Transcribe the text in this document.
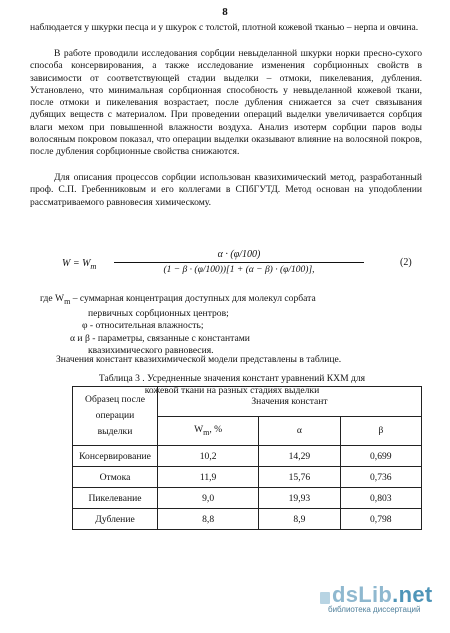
8

наблюдается у шкурки песца и у шкурок с толстой, плотной кожевой тканью – нерпа и овчина.

В работе проводили исследования сорбции невыделанной шкурки норки пресно-сухого способа консервирования, а также исследование изменения сорбционных свойств в зависимости от соответствующей стадии выделки – отмоки, пикелевания, дубления. Установлено, что минимальная сорбционная способность у невыделанной кожевой ткани, после отмоки и пикелевания возрастает, после дубления снижается за счет связывания дубящих веществ с материалом. При проведении операций выделки увеличивается сорбция влаги мехом при повышенной влажности воздуха. Анализ изотерм сорбции паров воды волосяным покровом показал, что операции выделки оказывают влияние на волосяной покров, после дубления сорбционные свойства снижаются.

Для описания процессов сорбции использован квазихимический метод, разработанный проф. С.П. Гребенниковым и его коллегами в СПбГУТД. Метод основан на уподоблении рассматриваемого равновесия химическому.

$W = W_m \frac{\alpha \cdot (\varphi/100)}{(1 - \beta \cdot (\varphi/100))[1 + (\alpha - \beta) \cdot (\varphi/100)],}$	(2)
где $W_m$ – суммарная концентрация доступных для молекул сорбата
первичных сорбционных центров;
φ - относительная влажность;
α и β - параметры, связанные с константами
квазихимического равновесия.
Значения констант квазихимической модели представлены в таблице.
Таблица 3 . Усредненные значения констант уравнений КХМ для
кожевой ткани на разных стадиях выделки
Образец после
операции
выделки	Значения констант		
	$W_m$, %	α	β
Консервирование	10,2	14,29	0,699
Отмока	11,9	15,76	0,736
Пикелевание	9,0	19,93	0,803
Дубление	8,8	8,9	0,798
dsLib.net
библиотека диссертаций
